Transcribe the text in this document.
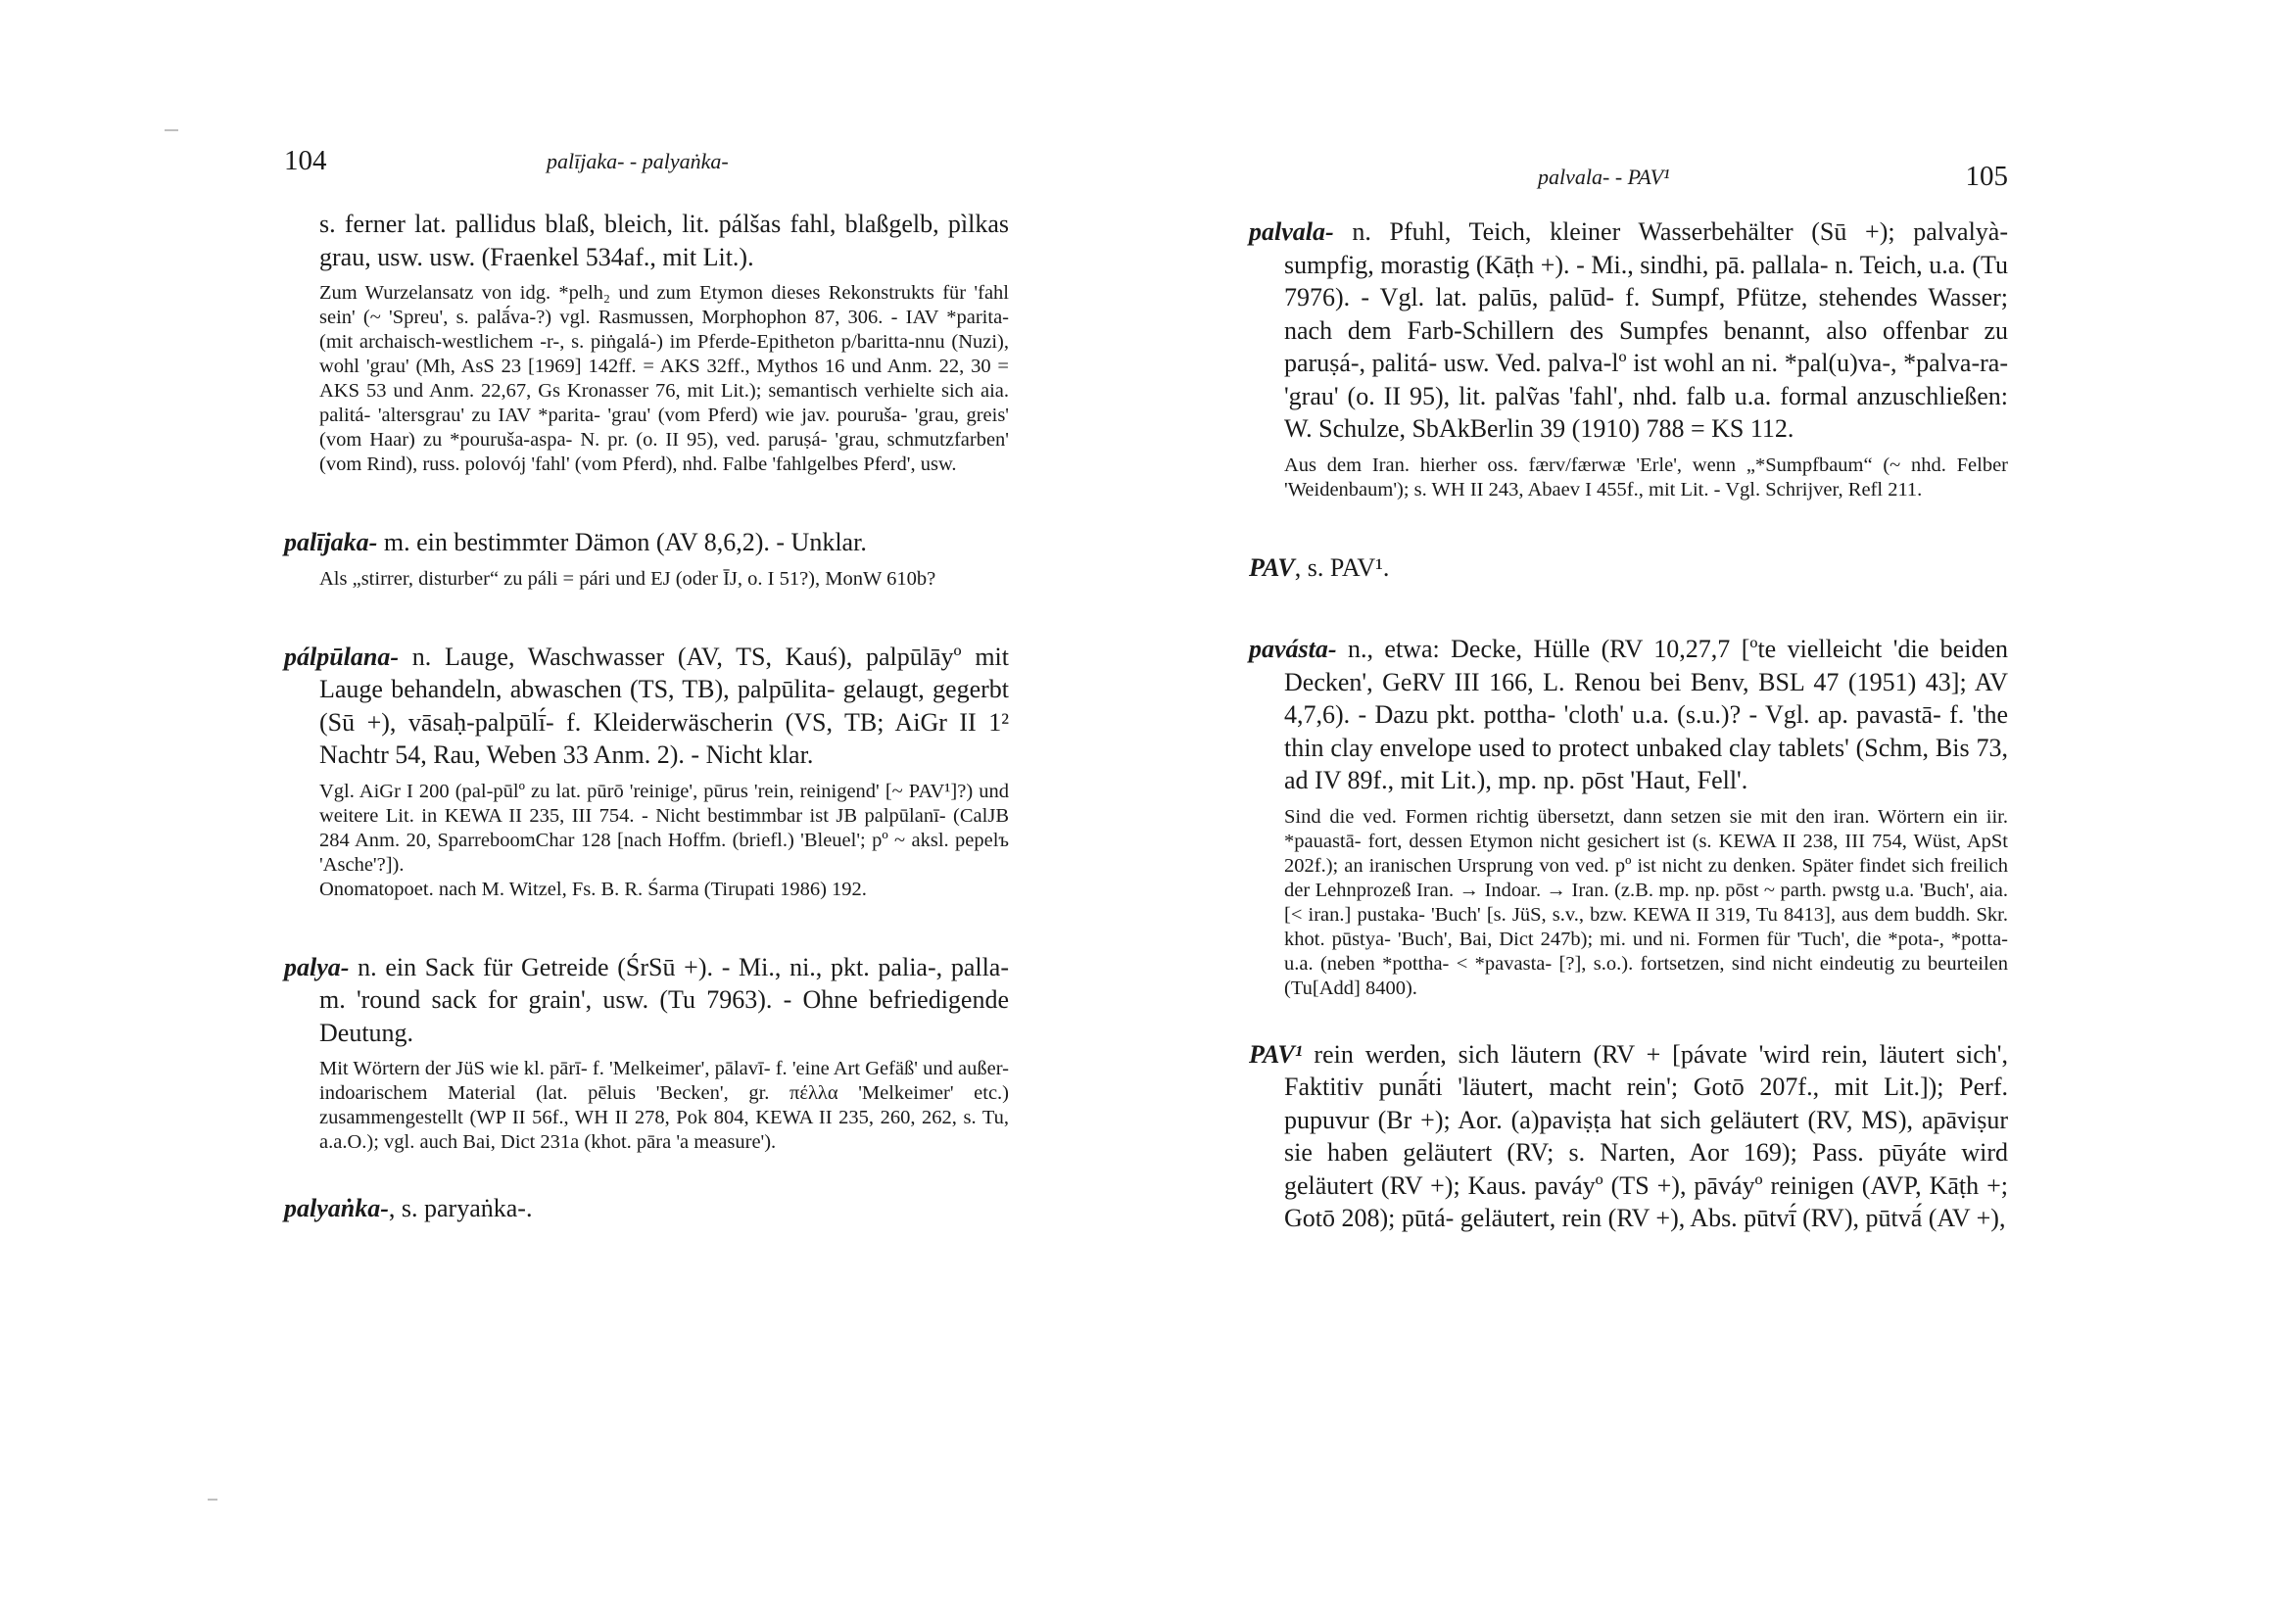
104	palījaka- - palyaṅka-

s. ferner lat. pallidus blaß, bleich, lit. pálšas fahl, blaßgelb, pìlkas grau, usw. usw. (Fraenkel 534af., mit Lit.).

Zum Wurzelansatz von idg. *pelh₂ und zum Etymon dieses Rekonstrukts für 'fahl sein' (~ 'Spreu', s. palā́va-?) vgl. Rasmussen, Morphophon 87, 306. - IAV *parita- (mit archaisch-westlichem -r-, s. piṅgalá-) im Pferde-Epitheton p/baritta-nnu (Nuzi), wohl 'grau' (Mh, AsS 23 [1969] 142ff. = AKS 32ff., Mythos 16 und Anm. 22, 30 = AKS 53 und Anm. 22,67, Gs Kronasser 76, mit Lit.); semantisch verhielte sich aia. palitá- 'altersgrau' zu IAV *parita- 'grau' (vom Pferd) wie jav. pouruša- 'grau, greis' (vom Haar) zu *pouruša-aspa- N. pr. (o. II 95), ved. paruṣá- 'grau, schmutzfarben' (vom Rind), russ. polovój 'fahl' (vom Pferd), nhd. Falbe 'fahlgelbes Pferd', usw.

palījaka- m. ein bestimmter Dämon (AV 8,6,2). - Unklar.

Als „stirrer, disturber“ zu páli = pári und EJ (oder ĪJ, o. I 51?), MonW 610b?

pálpūlana- n. Lauge, Waschwasser (AV, TS, Kauś), palpūlāyº mit Lauge behandeln, abwaschen (TS, TB), palpūlita- gelaugt, gegerbt (Sū +), vāsaḥ-palpūlī́- f. Kleiderwäscherin (VS, TB; AiGr II 1² Nachtr 54, Rau, Weben 33 Anm. 2). - Nicht klar.

Vgl. AiGr I 200 (pal-pūlº zu lat. pūrō 'reinige', pūrus 'rein, reinigend' [~ PAV¹]?) und weitere Lit. in KEWA II 235, III 754. - Nicht bestimmbar ist JB palpūlanī- (CalJB 284 Anm. 20, SparreboomChar 128 [nach Hoffm. (briefl.) 'Bleuel'; pº ~ aksl. pepelъ 'Asche'?]).

Onomatopoet. nach M. Witzel, Fs. B. R. Śarma (Tirupati 1986) 192.

palya- n. ein Sack für Getreide (ŚrSū +). - Mi., ni., pkt. palia-, palla- m. 'round sack for grain', usw. (Tu 7963). - Ohne befriedigende Deutung.

Mit Wörtern der JüS wie kl. pārī- f. 'Melkeimer', pālavī- f. 'eine Art Gefäß' und außer-indoarischem Material (lat. pēluis 'Becken', gr. πέλλα 'Melkeimer' etc.) zusammengestellt (WP II 56f., WH II 278, Pok 804, KEWA II 235, 260, 262, s. Tu, a.a.O.); vgl. auch Bai, Dict 231a (khot. pāra 'a measure').

palyaṅka-, s. paryaṅka-.

105
palvala- - PAV¹

palvala- n. Pfuhl, Teich, kleiner Wasserbehälter (Sū +); palvalyà- sumpfig, morastig (Kāṭh +). - Mi., sindhi, pā. pallala- n. Teich, u.a. (Tu 7976). - Vgl. lat. palūs, palūd- f. Sumpf, Pfütze, stehendes Wasser; nach dem Farb-Schillern des Sumpfes benannt, also offenbar zu paruṣá-, palitá- usw. Ved. palva-lº ist wohl an ni. *pal(u)va-, *palva-ra- 'grau' (o. II 95), lit. palṽas 'fahl', nhd. falb u.a. formal anzuschließen: W. Schulze, SbAkBerlin 39 (1910) 788 = KS 112.

Aus dem Iran. hierher oss. færv/færwæ 'Erle', wenn „*Sumpfbaum“ (~ nhd. Felber 'Weidenbaum'); s. WH II 243, Abaev I 455f., mit Lit. - Vgl. Schrijver, Refl 211.

PAV, s. PAV¹.

pavásta- n., etwa: Decke, Hülle (RV 10,27,7 [ºte vielleicht 'die beiden Decken', GeRV III 166, L. Renou bei Benv, BSL 47 (1951) 43]; AV 4,7,6). - Dazu pkt. pottha- 'cloth' u.a. (s.u.)? - Vgl. ap. pavastā- f. 'the thin clay envelope used to protect unbaked clay tablets' (Schm, Bis 73, ad IV 89f., mit Lit.), mp. np. pōst 'Haut, Fell'.

Sind die ved. Formen richtig übersetzt, dann setzen sie mit den iran. Wörtern ein iir. *pauastā- fort, dessen Etymon nicht gesichert ist (s. KEWA II 238, III 754, Wüst, ApSt 202f.); an iranischen Ursprung von ved. pº ist nicht zu denken. Später findet sich freilich der Lehnprozeß Iran. → Indoar. → Iran. (z.B. mp. np. pōst ~ parth. pwstg u.a. 'Buch', aia. [< iran.] pustaka- 'Buch' [s. JüS, s.v., bzw. KEWA II 319, Tu 8413], aus dem buddh. Skr. khot. pūstya- 'Buch', Bai, Dict 247b); mi. und ni. Formen für 'Tuch', die *pota-, *potta- u.a. (neben *pottha- < *pavasta- [?], s.o.). fortsetzen, sind nicht eindeutig zu beurteilen (Tu[Add] 8400).

PAV¹ rein werden, sich läutern (RV + [pávate 'wird rein, läutert sich', Faktitiv punā́ti 'läutert, macht rein'; Gotō 207f., mit Lit.]); Perf. pupuvur (Br +); Aor. (a)paviṣṭa hat sich geläutert (RV, MS), apāviṣur sie haben geläutert (RV; s. Narten, Aor 169); Pass. pūyáte wird geläutert (RV +); Kaus. paváyº (TS +), pāváyº reinigen (AVP, Kāṭh +; Gotō 208); pūtá- geläutert, rein (RV +), Abs. pūtvī́ (RV), pūtvā́ (AV +),
